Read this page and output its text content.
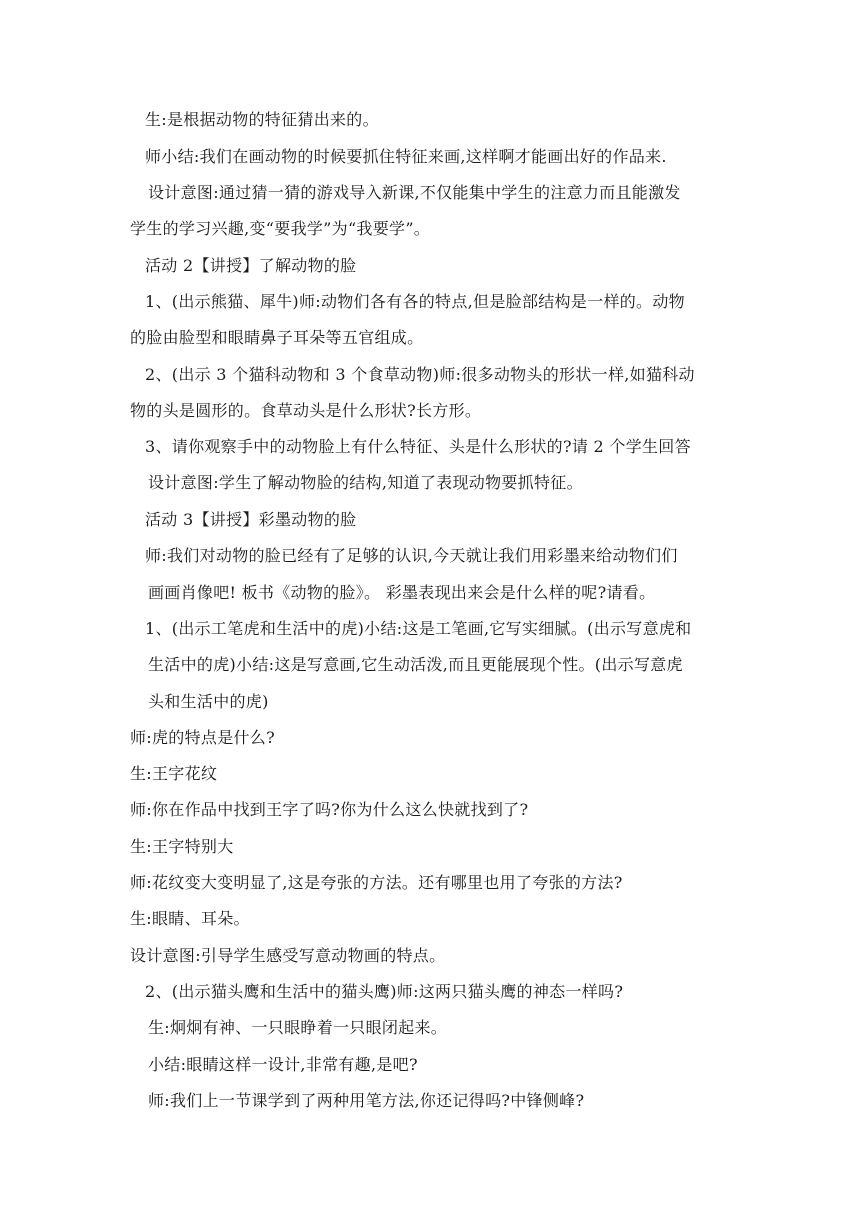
生:是根据动物的特征猜出来的。
师小结:我们在画动物的时候要抓住特征来画,这样啊才能画出好的作品来.
设计意图:通过猜一猜的游戏导入新课,不仅能集中学生的注意力而且能激发
学生的学习兴趣,变“要我学”为“我要学”。
活动 2【讲授】了解动物的脸
1、(出示熊猫、犀牛)师:动物们各有各的特点,但是脸部结构是一样的。动物
的脸由脸型和眼睛鼻子耳朵等五官组成。
2、(出示 3 个猫科动物和 3 个食草动物)师:很多动物头的形状一样,如猫科动
物的头是圆形的。食草动头是什么形状?长方形。
3、请你观察手中的动物脸上有什么特征、头是什么形状的?请 2 个学生回答
设计意图:学生了解动物脸的结构,知道了表现动物要抓特征。
活动 3【讲授】彩墨动物的脸
师:我们对动物的脸已经有了足够的认识,今天就让我们用彩墨来给动物们们
画画肖像吧! 板书《动物的脸》。 彩墨表现出来会是什么样的呢?请看。
1、(出示工笔虎和生活中的虎)小结:这是工笔画,它写实细腻。(出示写意虎和
生活中的虎)小结:这是写意画,它生动活泼,而且更能展现个性。(出示写意虎
头和生活中的虎)
师:虎的特点是什么?
生:王字花纹
师:你在作品中找到王字了吗?你为什么这么快就找到了?
生:王字特别大
师:花纹变大变明显了,这是夸张的方法。还有哪里也用了夸张的方法?
生:眼睛、耳朵。
设计意图:引导学生感受写意动物画的特点。
2、(出示猫头鹰和生活中的猫头鹰)师:这两只猫头鹰的神态一样吗?
生:炯炯有神、一只眼睁着一只眼闭起来。
小结:眼睛这样一设计,非常有趣,是吧?
师:我们上一节课学到了两种用笔方法,你还记得吗?中锋侧峰?
